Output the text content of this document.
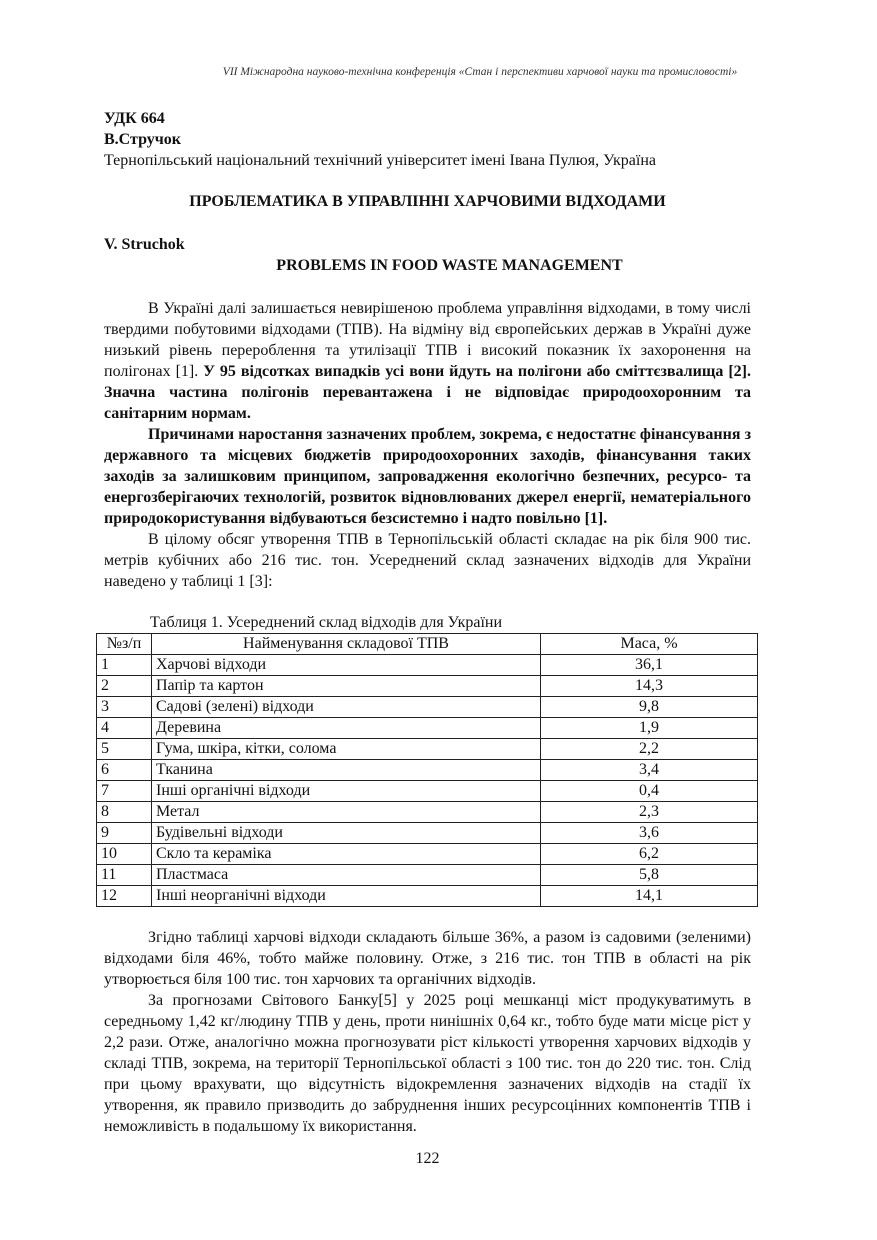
VII Міжнародна науково-технічна конференція «Стан і перспективи харчової науки та промисловості»

УДК 664

В.Стручок

Тернопільський національний технічний університет імені Івана Пулюя, Україна

ПРОБЛЕМАТИКА В УПРАВЛІННІ ХАРЧОВИМИ ВІДХОДАМИ

V. Struchok

PROBLEMS IN FOOD WASTE MANAGEMENT

В Україні далі залишається невирішеною проблема управління відходами, в тому числі твердими побутовими відходами (ТПВ). На відміну від європейських держав в Україні дуже низький рівень перероблення та утилізації ТПВ і високий показник їх захоронення на полігонах [1]. У 95 відсотках випадків усі вони йдуть на полігони або сміттєзвалища [2]. Значна частина полігонів перевантажена і не відповідає природоохоронним та санітарним нормам.

Причинами наростання зазначених проблем, зокрема, є недостатнє фінансування з державного та місцевих бюджетів природоохоронних заходів, фінансування таких заходів за залишковим принципом, запровадження екологічно безпечних, ресурсо- та енергозберігаючих технологій, розвиток відновлюваних джерел енергії, нематеріального природокористування відбуваються безсистемно і надто повільно [1].

В цілому обсяг утворення ТПВ в Тернопільській області складає на рік біля 900 тис. метрів кубічних або 216 тис. тон. Усереднений склад зазначених відходів для України наведено у таблиці 1 [3]:

Таблиця 1. Усереднений склад відходів для України

№з/п	Найменування складової ТПВ	Маса, %
1	Харчові відходи	36,1
2	Папір та картон	14,3
3	Садові (зелені) відходи	9,8
4	Деревина	1,9
5	Гума, шкіра, кітки, солома	2,2
6	Тканина	3,4
7	Інші органічні відходи	0,4
8	Метал	2,3
9	Будівельні відходи	3,6
10	Скло та кераміка	6,2
11	Пластмаса	5,8
12	Інші неорганічні відходи	14,1

Згідно таблиці харчові відходи складають більше 36%, а разом із садовими (зеленими) відходами біля 46%, тобто майже половину. Отже, з 216 тис. тон ТПВ в області на рік утворюється біля 100 тис. тон харчових та органічних відходів.

За прогнозами Світового Банку[5] у 2025 році мешканці міст продукуватимуть в середньому 1,42 кг/людину ТПВ у день, проти нинішніх 0,64 кг., тобто буде мати місце ріст у 2,2 рази. Отже, аналогічно можна прогнозувати ріст кількості утворення харчових відходів у складі ТПВ, зокрема, на території Тернопільської області з 100 тис. тон до 220 тис. тон. Слід при цьому врахувати, що відсутність відокремлення зазначених відходів на стадії їх утворення, як правило призводить до забруднення інших ресурсоцінних компонентів ТПВ і неможливість в подальшому їх використання.

122
